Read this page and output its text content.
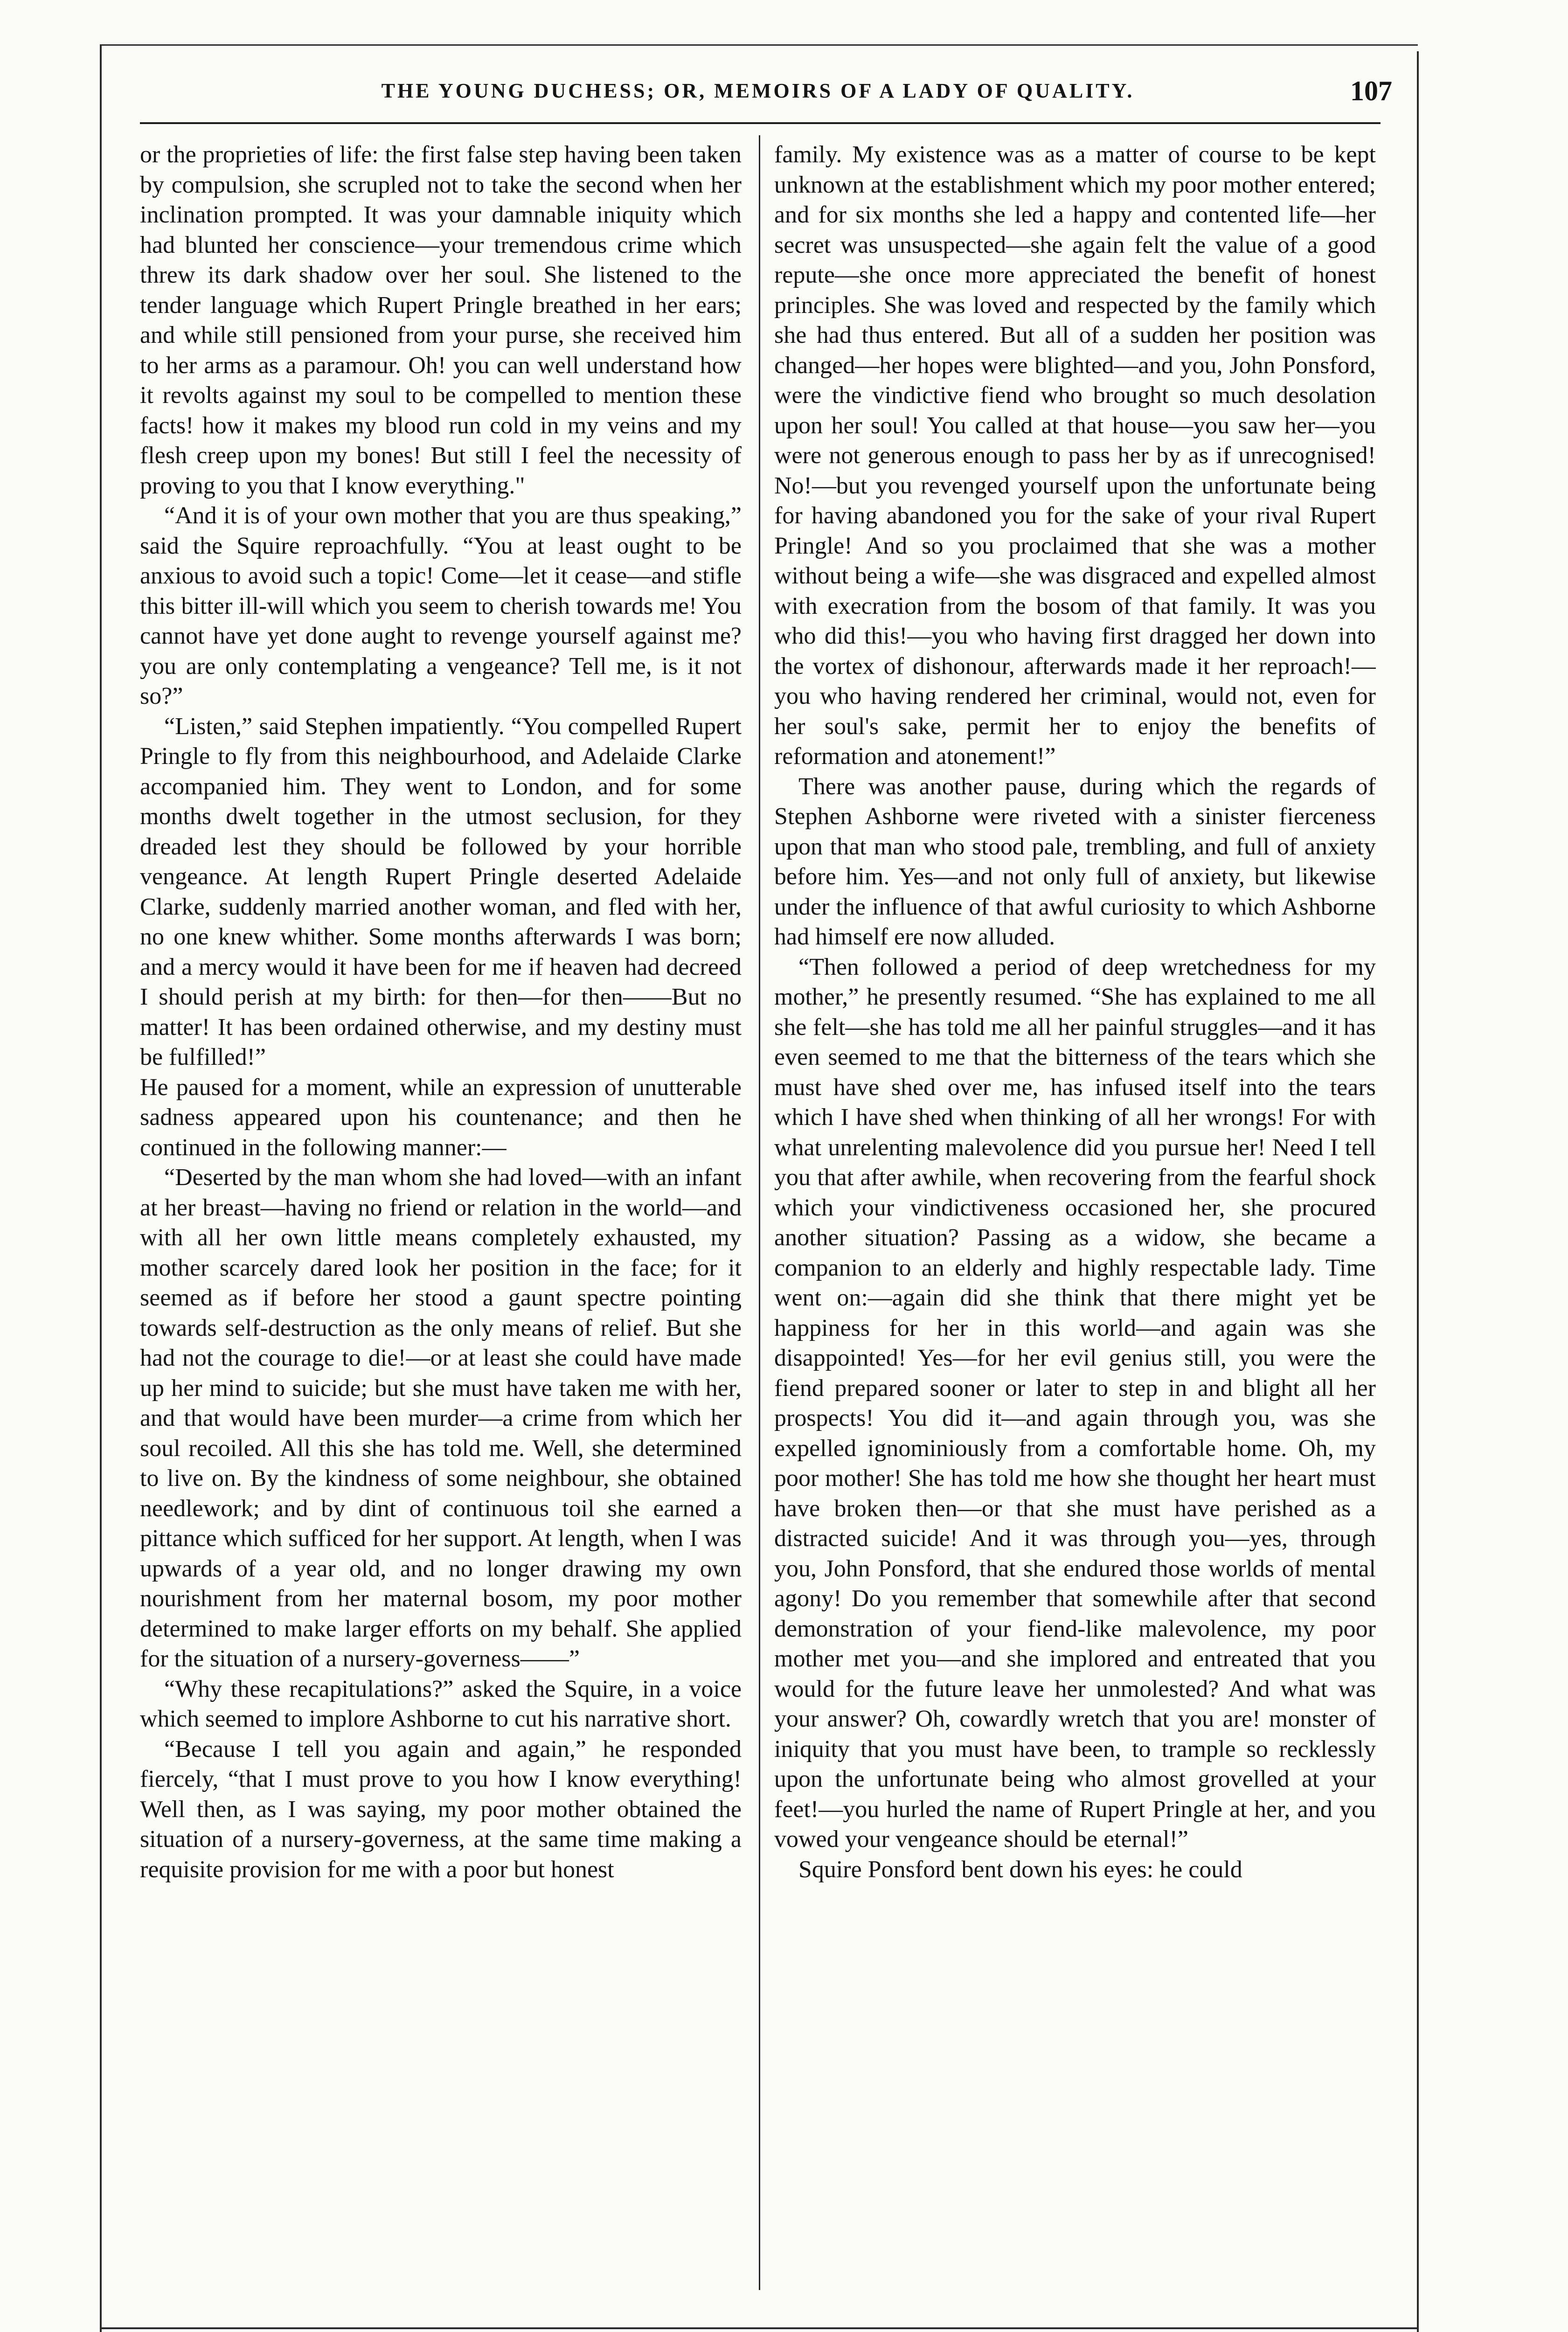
THE YOUNG DUCHESS; OR, MEMOIRS OF A LADY OF QUALITY.	107

or the proprieties of life: the first false step having been taken by compulsion, she scrupled not to take the second when her inclination prompted. It was your damnable iniquity which had blunted her conscience—your tremendous crime which threw its dark shadow over her soul. She listened to the tender language which Rupert Pringle breathed in her ears; and while still pensioned from your purse, she received him to her arms as a paramour. Oh! you can well understand how it revolts against my soul to be compelled to mention these facts! how it makes my blood run cold in my veins and my flesh creep upon my bones! But still I feel the necessity of proving to you that I know everything."

“And it is of your own mother that you are thus speaking,” said the Squire reproachfully. “You at least ought to be anxious to avoid such a topic! Come—let it cease—and stifle this bitter ill-will which you seem to cherish towards me! You cannot have yet done aught to revenge yourself against me? you are only contemplating a vengeance? Tell me, is it not so?”

“Listen,” said Stephen impatiently. “You compelled Rupert Pringle to fly from this neighbourhood, and Adelaide Clarke accompanied him. They went to London, and for some months dwelt together in the utmost seclusion, for they dreaded lest they should be followed by your horrible vengeance. At length Rupert Pringle deserted Adelaide Clarke, suddenly married another woman, and fled with her, no one knew whither. Some months afterwards I was born; and a mercy would it have been for me if heaven had decreed I should perish at my birth: for then—for then——But no matter! It has been ordained otherwise, and my destiny must be fulfilled!”

He paused for a moment, while an expression of unutterable sadness appeared upon his countenance; and then he continued in the following manner:—

“Deserted by the man whom she had loved—with an infant at her breast—having no friend or relation in the world—and with all her own little means completely exhausted, my mother scarcely dared look her position in the face; for it seemed as if before her stood a gaunt spectre pointing towards self-destruction as the only means of relief. But she had not the courage to die!—or at least she could have made up her mind to suicide; but she must have taken me with her, and that would have been murder—a crime from which her soul recoiled. All this she has told me. Well, she determined to live on. By the kindness of some neighbour, she obtained needlework; and by dint of continuous toil she earned a pittance which sufficed for her support. At length, when I was upwards of a year old, and no longer drawing my own nourishment from her maternal bosom, my poor mother determined to make larger efforts on my behalf. She applied for the situation of a nursery-governess——”

“Why these recapitulations?” asked the Squire, in a voice which seemed to implore Ashborne to cut his narrative short.

“Because I tell you again and again,” he responded fiercely, “that I must prove to you how I know everything! Well then, as I was saying, my poor mother obtained the situation of a nursery-governess, at the same time making a requisite provision for me with a poor but honest

family. My existence was as a matter of course to be kept unknown at the establishment which my poor mother entered; and for six months she led a happy and contented life—her secret was unsuspected—she again felt the value of a good repute—she once more appreciated the benefit of honest principles. She was loved and respected by the family which she had thus entered. But all of a sudden her position was changed—her hopes were blighted—and you, John Ponsford, were the vindictive fiend who brought so much desolation upon her soul! You called at that house—you saw her—you were not generous enough to pass her by as if unrecognised! No!—but you revenged yourself upon the unfortunate being for having abandoned you for the sake of your rival Rupert Pringle! And so you proclaimed that she was a mother without being a wife—she was disgraced and expelled almost with execration from the bosom of that family. It was you who did this!—you who having first dragged her down into the vortex of dishonour, afterwards made it her reproach!—you who having rendered her criminal, would not, even for her soul's sake, permit her to enjoy the benefits of reformation and atonement!”

There was another pause, during which the regards of Stephen Ashborne were riveted with a sinister fierceness upon that man who stood pale, trembling, and full of anxiety before him. Yes—and not only full of anxiety, but likewise under the influence of that awful curiosity to which Ashborne had himself ere now alluded.

“Then followed a period of deep wretchedness for my mother,” he presently resumed. “She has explained to me all she felt—she has told me all her painful struggles—and it has even seemed to me that the bitterness of the tears which she must have shed over me, has infused itself into the tears which I have shed when thinking of all her wrongs! For with what unrelenting malevolence did you pursue her! Need I tell you that after awhile, when recovering from the fearful shock which your vindictiveness occasioned her, she procured another situation? Passing as a widow, she became a companion to an elderly and highly respectable lady. Time went on:—again did she think that there might yet be happiness for her in this world—and again was she disappointed! Yes—for her evil genius still, you were the fiend prepared sooner or later to step in and blight all her prospects! You did it—and again through you, was she expelled ignominiously from a comfortable home. Oh, my poor mother! She has told me how she thought her heart must have broken then—or that she must have perished as a distracted suicide! And it was through you—yes, through you, John Ponsford, that she endured those worlds of mental agony! Do you remember that somewhile after that second demonstration of your fiend-like malevolence, my poor mother met you—and she implored and entreated that you would for the future leave her unmolested? And what was your answer? Oh, cowardly wretch that you are! monster of iniquity that you must have been, to trample so recklessly upon the unfortunate being who almost grovelled at your feet!—you hurled the name of Rupert Pringle at her, and you vowed your vengeance should be eternal!”

Squire Ponsford bent down his eyes: he could
